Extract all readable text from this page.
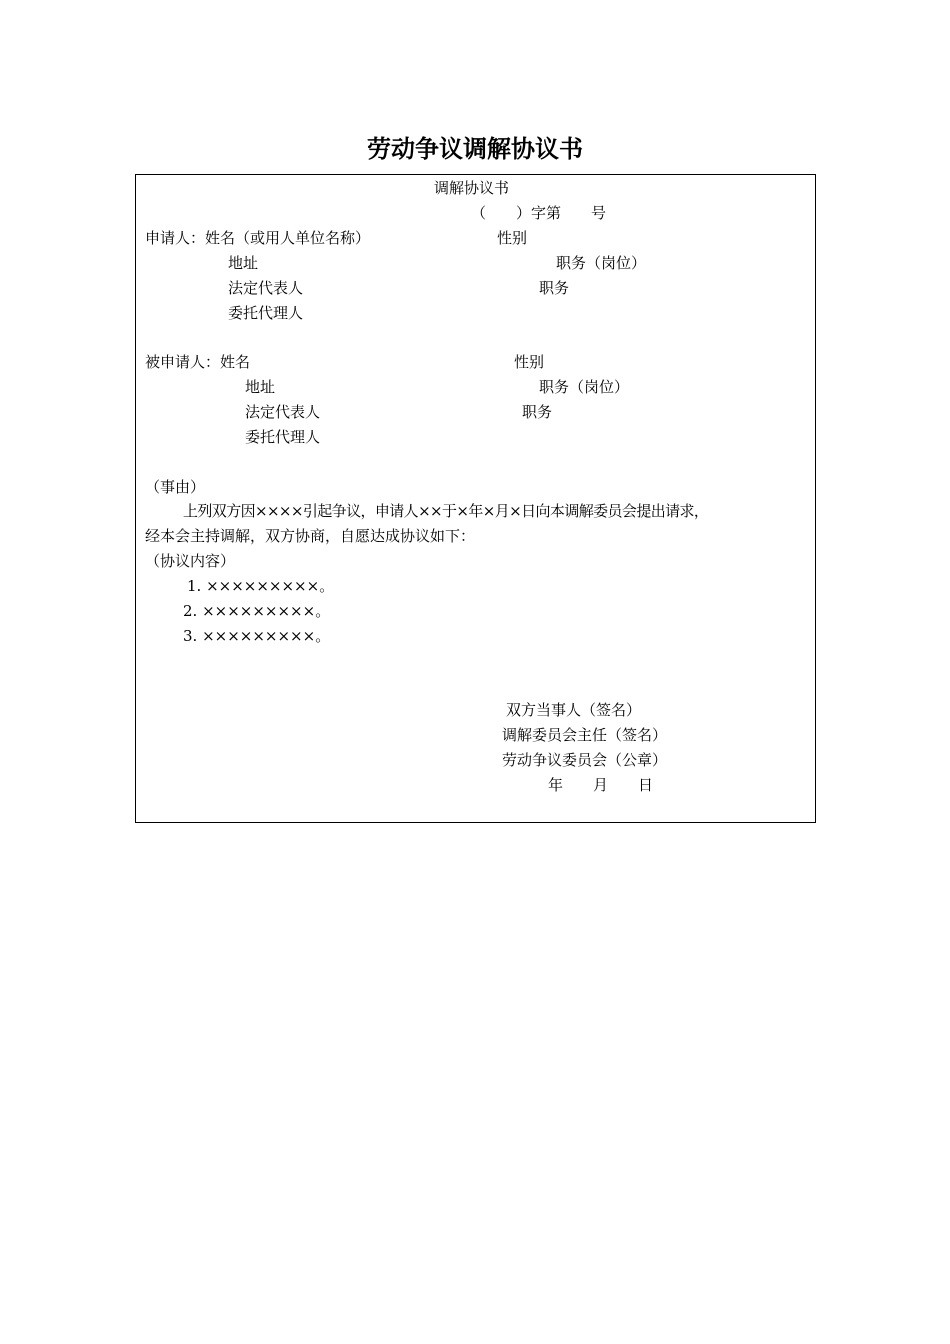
劳动争议调解协议书
调解协议书
（　　）字第　　号
申请人：姓名（或用人单位名称）	性别
地址	职务（岗位）
法定代表人	职务
委托代理人
被申请人：姓名	性别
地址	职务（岗位）
法定代表人	职务
委托代理人
（事由）
上列双方因××××引起争议，申请人××于×年×月×日向本调解委员会提出请求，
经本会主持调解，双方协商，自愿达成协议如下：
（协议内容）
1. ×××××××××。
2. ×××××××××。
3. ×××××××××。
双方当事人（签名）
调解委员会主任（签名）
劳动争议委员会（公章）
年　　月　　日
